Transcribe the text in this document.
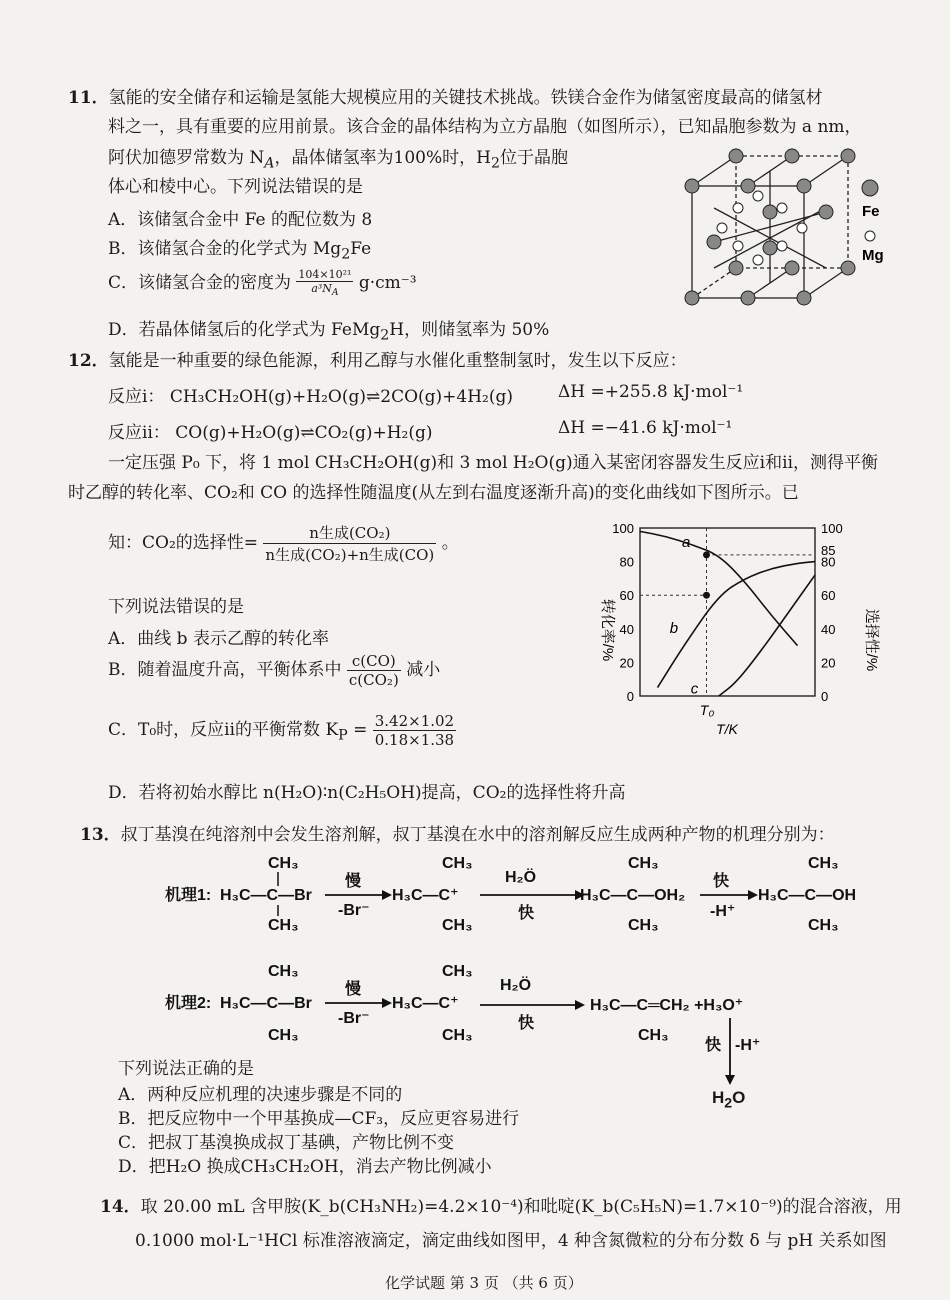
11．氢能的安全储存和运输是氢能大规模应用的关键技术挑战。铁镁合金作为储氢密度最高的储氢材
料之一，具有重要的应用前景。该合金的晶体结构为立方晶胞（如图所示），已知晶胞参数为 a nm，
阿伏加德罗常数为 $N_A$，晶体储氢率为100%时，$H_2$位于晶胞
体心和棱中心。下列说法错误的是
A．该储氢合金中 Fe 的配位数为 8
B．该储氢合金的化学式为 $Mg_2Fe$
C．该储氢合金的密度为 $\frac{\text{104×10²¹}}{a^3N_A} g\cdot cm^{-3}$
D．若晶体储氢后的化学式为 FeMg$_2$H，则储氢率为 50%
Fe
Mg
12．氢能是一种重要的绿色能源，利用乙醇与水催化重整制氢时，发生以下反应：
反应ⅰ： CH₃CH₂OH(g)+H₂O(g)⇌2CO(g)+4H₂(g)	ΔH =+255.8 kJ·mol⁻¹
反应ⅱ： CO(g)+H₂O(g)⇌CO₂(g)+H₂(g)	ΔH =−41.6 kJ·mol⁻¹
一定压强 P₀ 下，将 1 mol CH₃CH₂OH(g)和 3 mol H₂O(g)通入某密闭容器发生反应ⅰ和ⅱ，测得平衡
时乙醇的转化率、CO₂和 CO 的选择性随温度(从左到右温度逐渐升高)的变化曲线如下图所示。已
知：CO₂的选择性= $\frac{\text{n生成(CO₂)}}{\text{n生成(CO₂)+n生成(CO)}}$ 。
下列说法错误的是
A．曲线 b 表示乙醇的转化率
B．随着温度升高，平衡体系中 $\frac{c(CO)}{\text{c(CO₂)}}$ 减小
C．T₀时，反应ⅱ的平衡常数 $K_P = \frac{3.42\times 1.02}{0.18\times 1.38}$
D．若将初始水醇比 n(H₂O)∶n(C₂H₅OH)提高，CO₂的选择性将升高
转化率/%	选择性/%
0
20
40
60
80
100
0
20
40
60
80
100
85
a
b
c
T₀
T/K
13．叔丁基溴在纯溶剂中会发生溶剂解，叔丁基溴在水中的溶剂解反应生成两种产物的机理分别为：
机理1: H₃C—C—Br
CH₃
CH₃
慢
-Br⁻
H₃C—C⁺
CH₃
CH₃
H₂Ö
快
H₃C—C—OH₂
CH₃
CH₃
快
-H⁺
H₃C—C—OH
CH₃
CH₃
机理2: H₃C—C—Br
CH₃
CH₃
慢
-Br⁻
H₃C—C⁺
CH₃
CH₃
H₂Ö
快
H₃C—C═CH₂ +H₃O⁺
CH₃
快 -H⁺
$H_2O$
下列说法正确的是
A．两种反应机理的决速步骤是不同的
B．把反应物中一个甲基换成—CF₃，反应更容易进行
C．把叔丁基溴换成叔丁基碘，产物比例不变
D．把H₂O 换成CH₃CH₂OH，消去产物比例减小
14．取 20.00 mL 含甲胺(K_b(CH₃NH₂)=4.2×10⁻⁴)和吡啶(K_b(C₅H₅N)=1.7×10⁻⁹)的混合溶液，用
0.1000 mol·L⁻¹HCl 标准溶液滴定，滴定曲线如图甲，4 种含氮微粒的分布分数 δ 与 pH 关系如图
化学试题 第 3 页 （共 6 页）
